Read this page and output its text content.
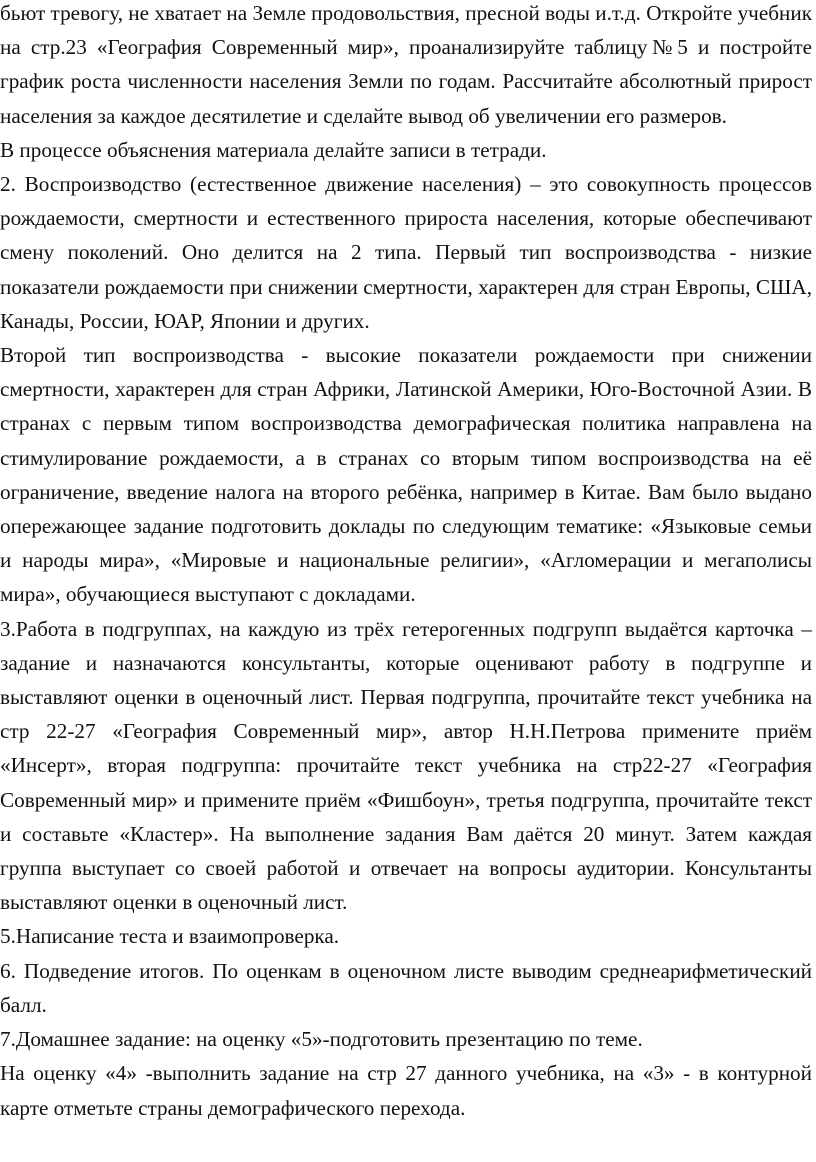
бьют тревогу, не хватает на Земле продовольствия, пресной воды и.т.д. Откройте учебник на стр.23 «География Современный мир», проанализируйте таблицу№5 и постройте график роста численности населения Земли по годам. Рассчитайте абсолютный прирост населения за каждое десятилетие и сделайте вывод об увеличении его размеров.

В процессе объяснения материала делайте записи в тетради.

2. Воспроизводство (естественное движение населения) – это совокупность процессов рождаемости, смертности и естественного прироста населения, которые обеспечивают смену поколений. Оно делится на 2 типа. Первый тип воспроизводства - низкие показатели рождаемости при снижении смертности, характерен для стран Европы, США, Канады, России, ЮАР, Японии и других.

Второй тип воспроизводства - высокие показатели рождаемости при снижении смертности, характерен для стран Африки, Латинской Америки, Юго-Восточной Азии. В странах с первым типом воспроизводства демографическая политика направлена на стимулирование рождаемости, а в странах со вторым типом воспроизводства на её ограничение, введение налога на второго ребёнка, например в Китае. Вам было выдано опережающее задание подготовить доклады по следующим тематике: «Языковые семьи и народы мира», «Мировые и национальные религии», «Агломерации и мегаполисы мира», обучающиеся выступают с докладами.

3.Работа в подгруппах, на каждую из трёх гетерогенных подгрупп выдаётся карточка – задание и назначаются консультанты, которые оценивают работу в подгруппе и выставляют оценки в оценочный лист. Первая подгруппа, прочитайте текст учебника на стр 22-27 «География Современный мир», автор Н.Н.Петрова примените приём «Инсерт», вторая подгруппа: прочитайте текст учебника на стр22-27 «География Современный мир» и примените приём «Фишбоун», третья подгруппа, прочитайте текст и составьте «Кластер». На выполнение задания Вам даётся 20 минут. Затем каждая группа выступает со своей работой и отвечает на вопросы аудитории. Консультанты выставляют оценки в оценочный лист.

5.Написание теста и взаимопроверка.

6. Подведение итогов. По оценкам в оценочном листе выводим среднеарифметический балл.

7.Домашнее задание: на оценку «5»-подготовить презентацию по теме.

На оценку «4» -выполнить задание на стр 27 данного учебника, на «3» - в контурной карте отметьте страны демографического перехода.
